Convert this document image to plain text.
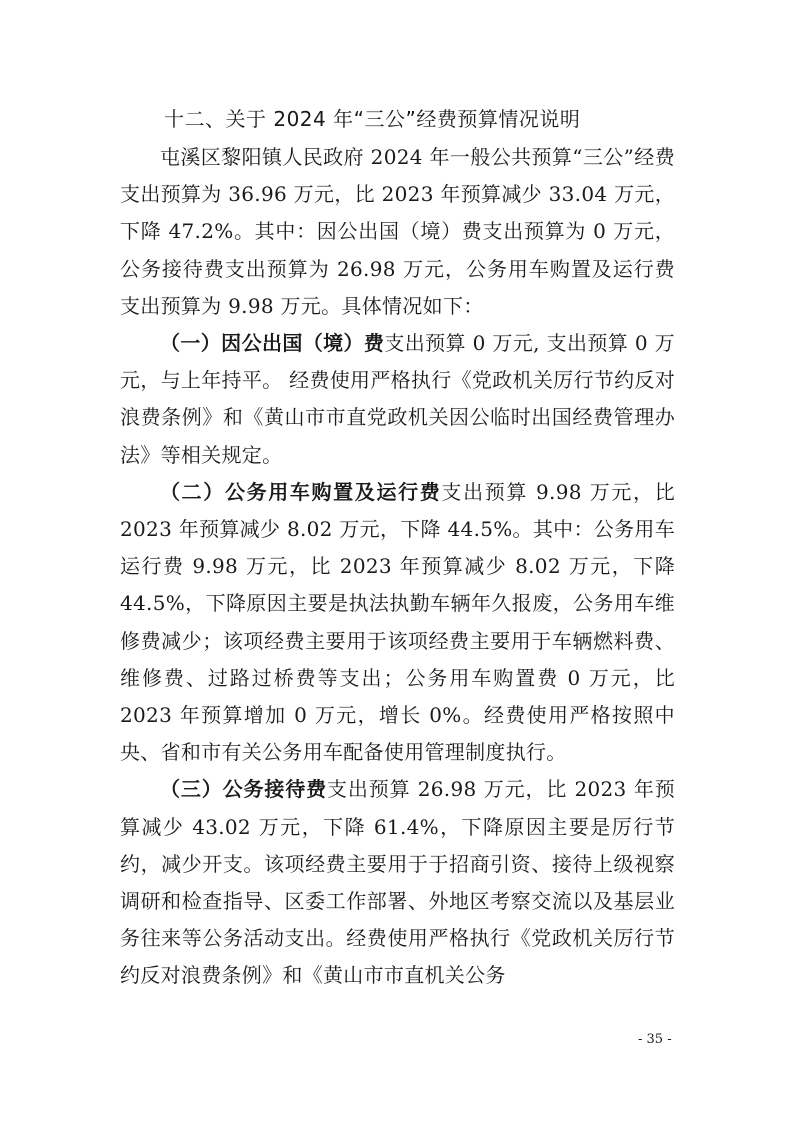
十二、关于 2024 年“三公”经费预算情况说明

屯溪区黎阳镇人民政府 2024 年一般公共预算“三公”经费支出预算为 36.96 万元，比 2023 年预算减少 33.04 万元，下降 47.2%。其中：因公出国（境）费支出预算为 0 万元，公务接待费支出预算为 26.98 万元，公务用车购置及运行费支出预算为 9.98 万元。具体情况如下：

（一）因公出国（境）费支出预算 0 万元, 支出预算 0 万元，与上年持平。 经费使用严格执行《党政机关厉行节约反对浪费条例》和《黄山市市直党政机关因公临时出国经费管理办法》等相关规定。

（二）公务用车购置及运行费支出预算 9.98 万元，比 2023 年预算减少 8.02 万元，下降 44.5%。其中：公务用车运行费 9.98 万元，比 2023 年预算减少 8.02 万元，下降 44.5%，下降原因主要是执法执勤车辆年久报废，公务用车维修费减少；该项经费主要用于该项经费主要用于车辆燃料费、维修费、过路过桥费等支出；公务用车购置费 0 万元，比 2023 年预算增加 0 万元，增长 0%。经费使用严格按照中央、省和市有关公务用车配备使用管理制度执行。

（三）公务接待费支出预算 26.98 万元，比 2023 年预算减少 43.02 万元，下降 61.4%，下降原因主要是厉行节约，减少开支。该项经费主要用于于招商引资、接待上级视察调研和检查指导、区委工作部署、外地区考察交流以及基层业务往来等公务活动支出。经费使用严格执行《党政机关厉行节约反对浪费条例》和《黄山市市直机关公务

- 35 -
